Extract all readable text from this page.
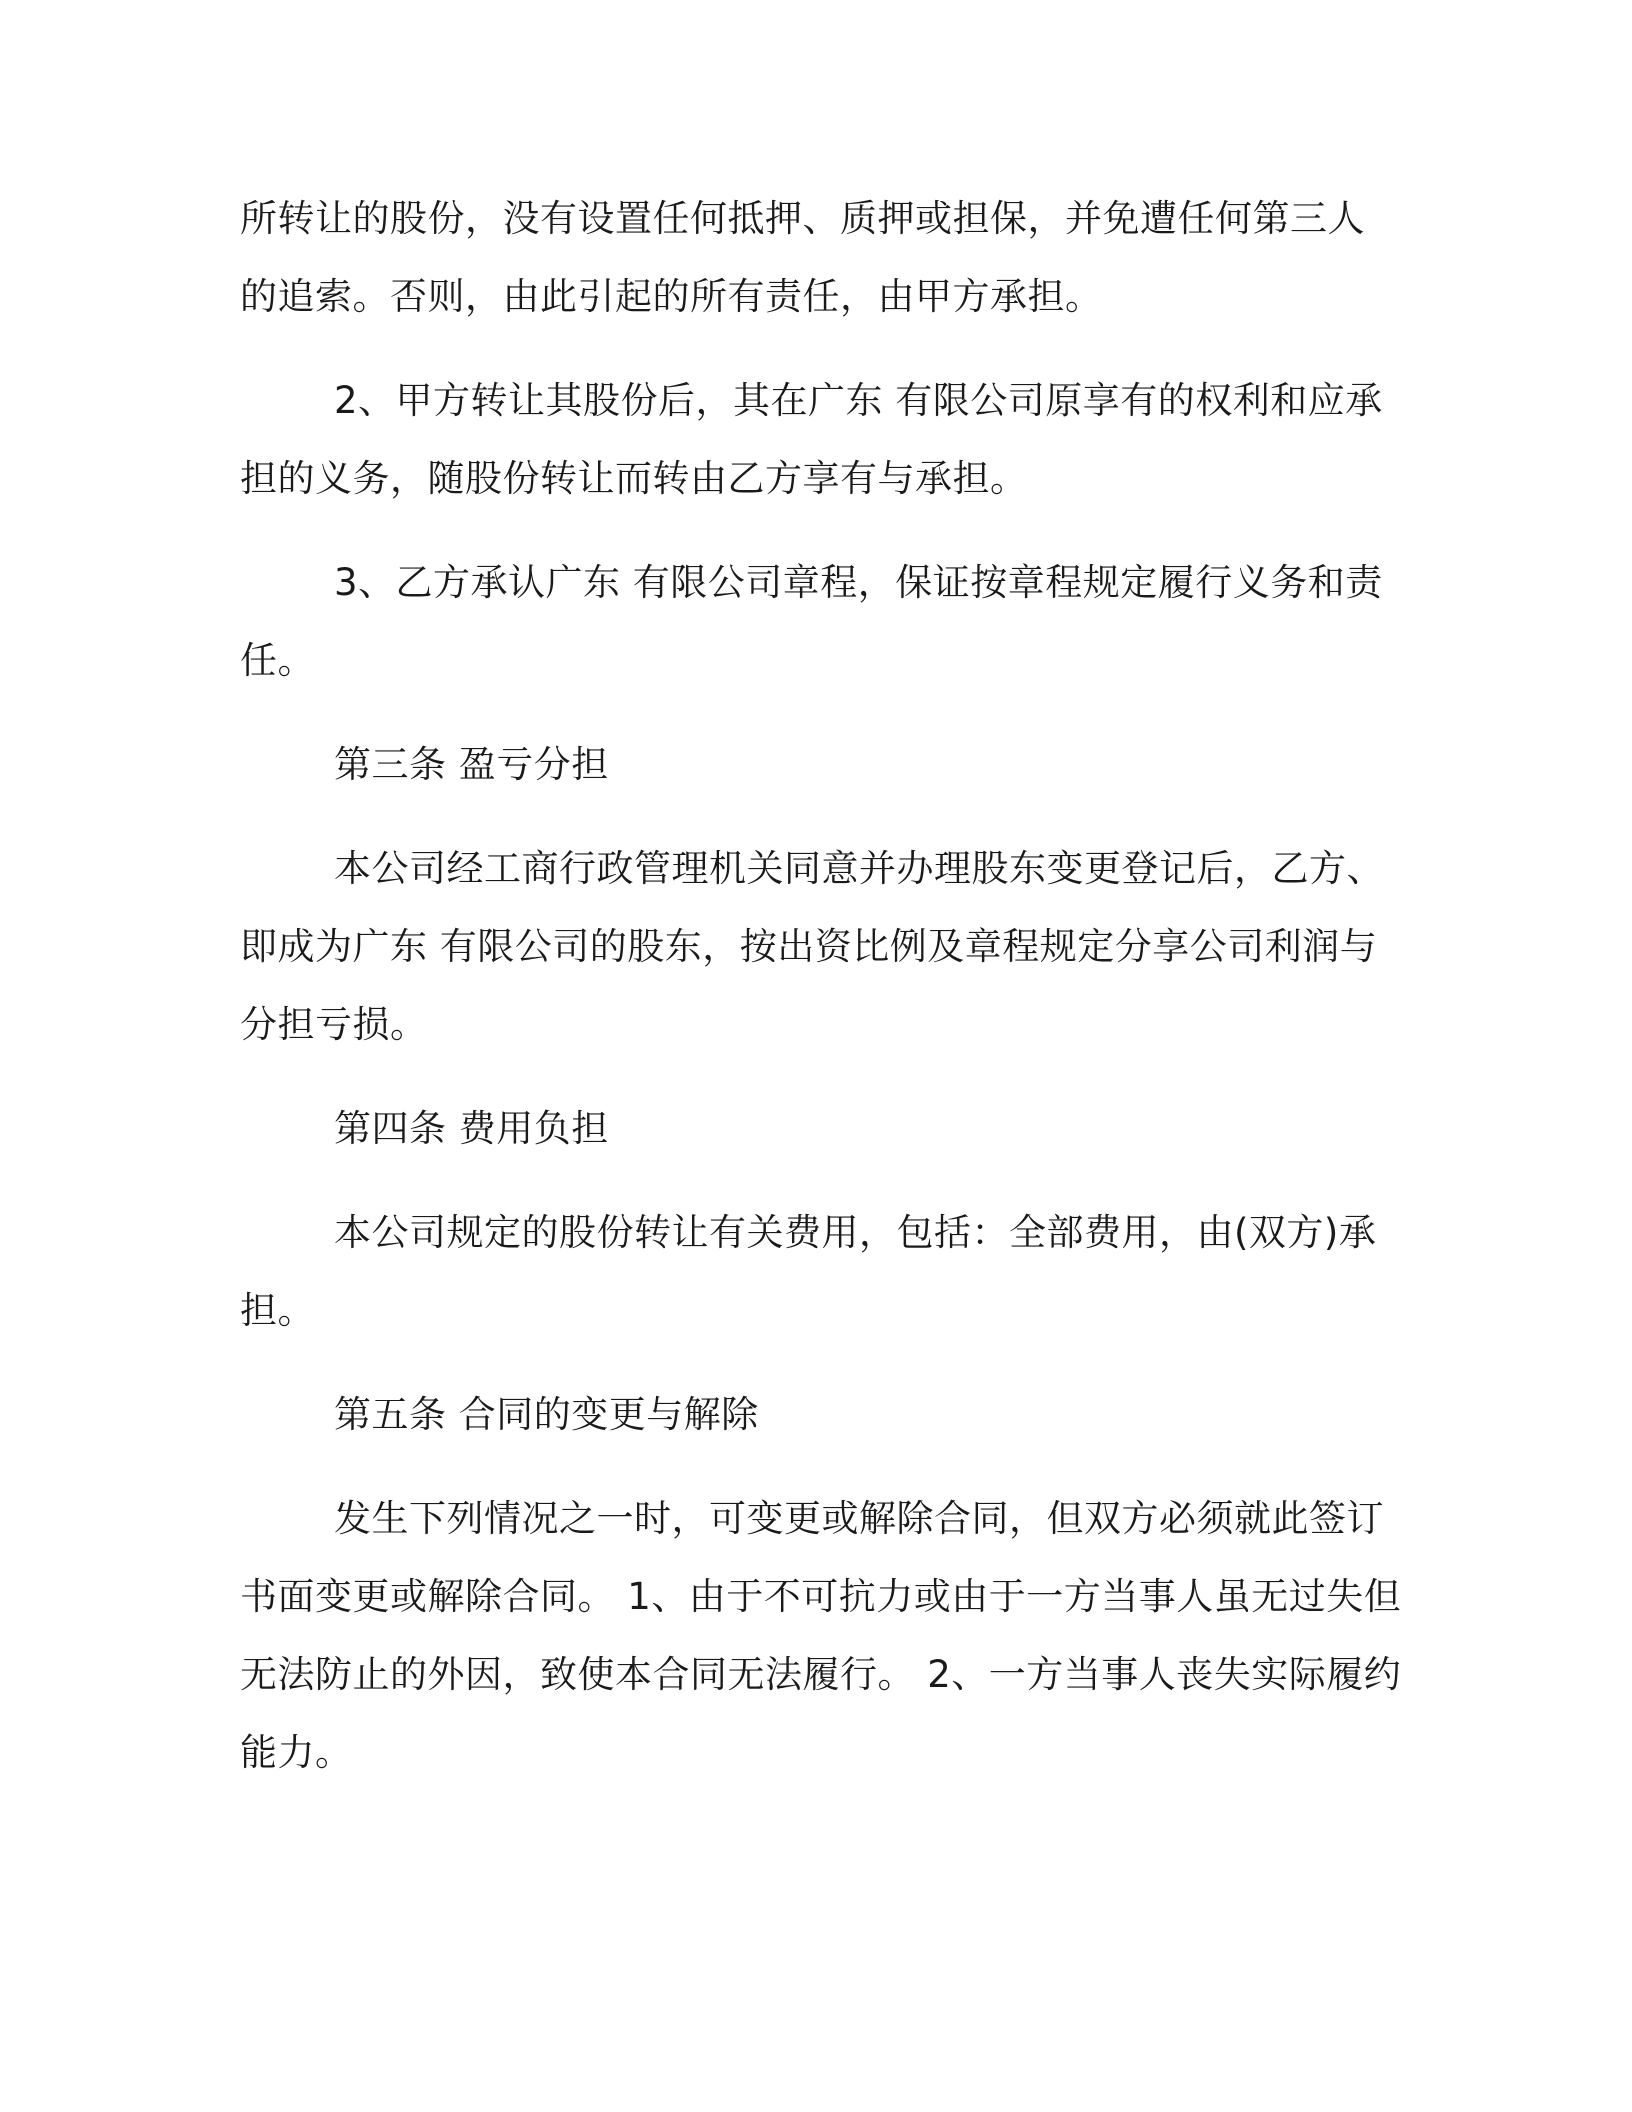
所转让的股份，没有设置任何抵押、质押或担保，并免遭任何第三人
的追索。否则，由此引起的所有责任，由甲方承担。
2、甲方转让其股份后，其在广东 有限公司原享有的权利和应承
担的义务，随股份转让而转由乙方享有与承担。
3、乙方承认广东 有限公司章程，保证按章程规定履行义务和责
任。
第三条 盈亏分担
本公司经工商行政管理机关同意并办理股东变更登记后，乙方、
即成为广东 有限公司的股东，按出资比例及章程规定分享公司利润与
分担亏损。
第四条 费用负担
本公司规定的股份转让有关费用，包括：全部费用，由(双方)承
担。
第五条 合同的变更与解除
发生下列情况之一时，可变更或解除合同，但双方必须就此签订
书面变更或解除合同。 1、由于不可抗力或由于一方当事人虽无过失但
无法防止的外因，致使本合同无法履行。 2、一方当事人丧失实际履约
能力。
